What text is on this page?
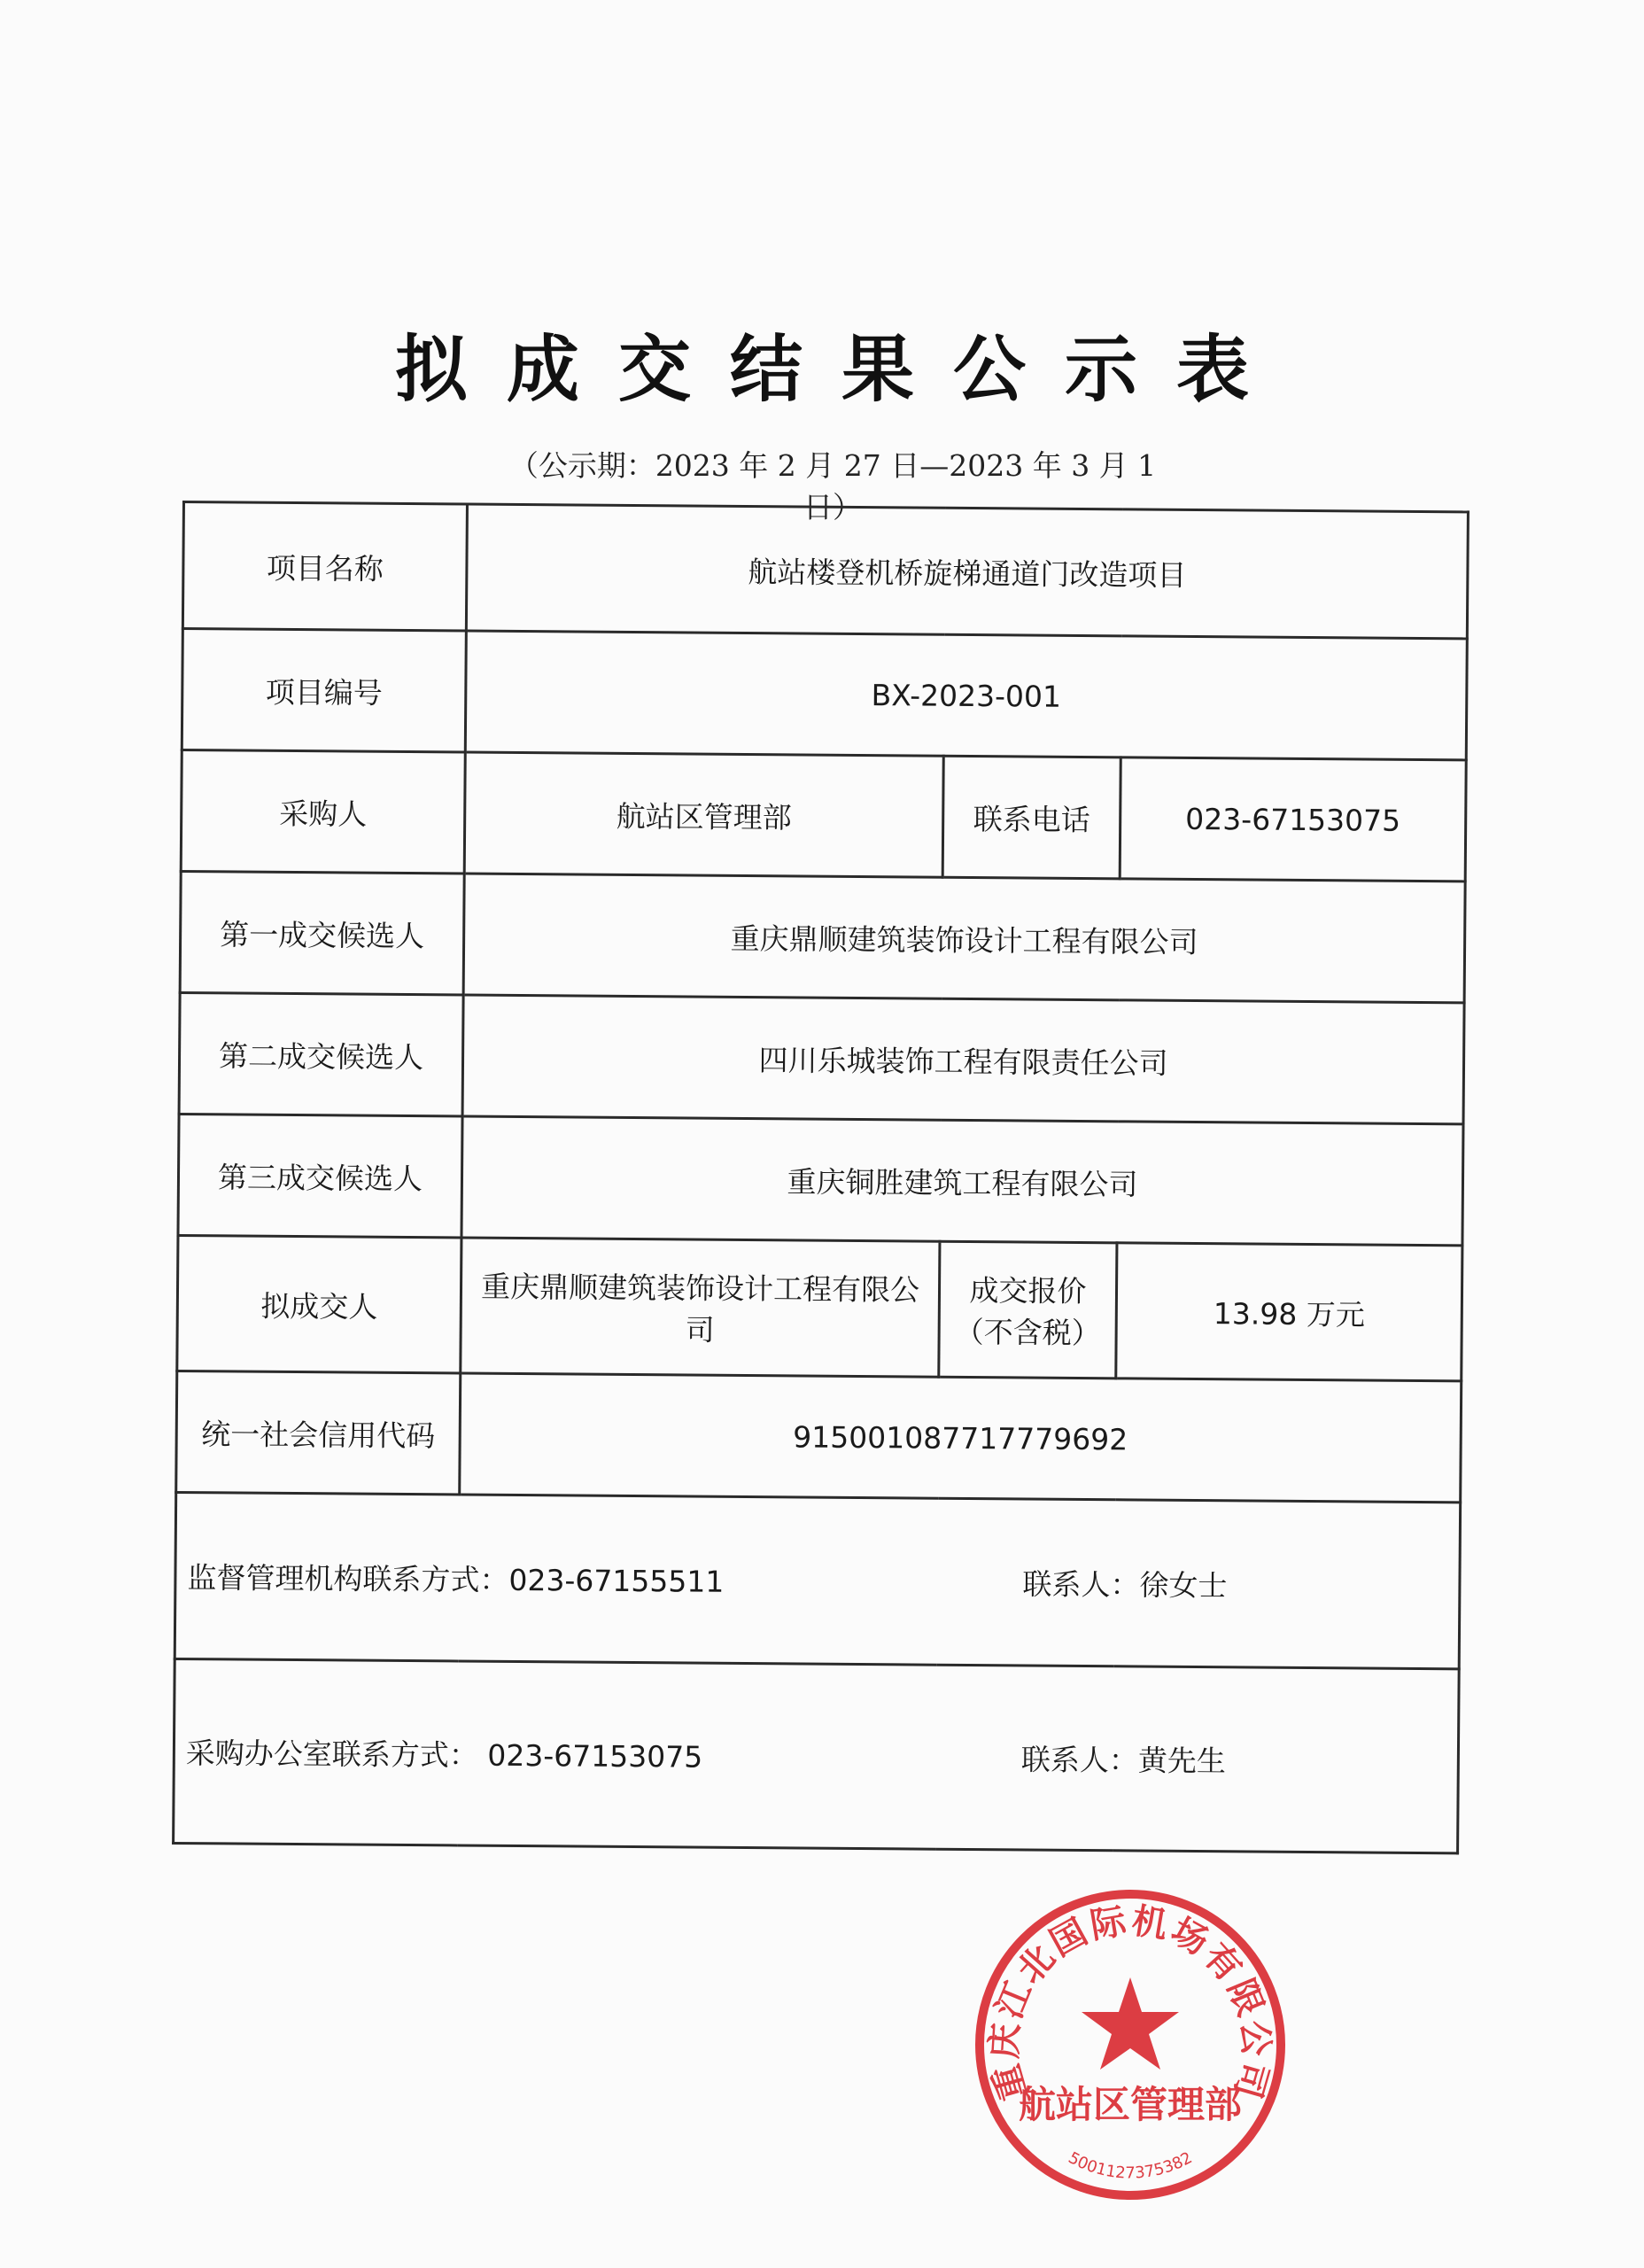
拟成交结果公示表
（公示期：2023 年 2 月 27 日—2023 年 3 月 1 日）
项目名称	航站楼登机桥旋梯通道门改造项目		
项目编号	BX-2023-001		
采购人	航站区管理部	联系电话	023-67153075
第一成交候选人	重庆鼎顺建筑装饰设计工程有限公司		
第二成交候选人	四川乐城装饰工程有限责任公司		
第三成交候选人	重庆铜胜建筑工程有限公司		
拟成交人	重庆鼎顺建筑装饰设计工程有限公司	成交报价（不含税）	13.98 万元
统一社会信用代码	915001087717779692		

监督管理机构联系方式：023-67155511 联系人：徐女士			

采购办公室联系方式： 023-67153075 联系人：黄先生			
重庆江北国际机场有限公司
航站区管理部
5001127375382
